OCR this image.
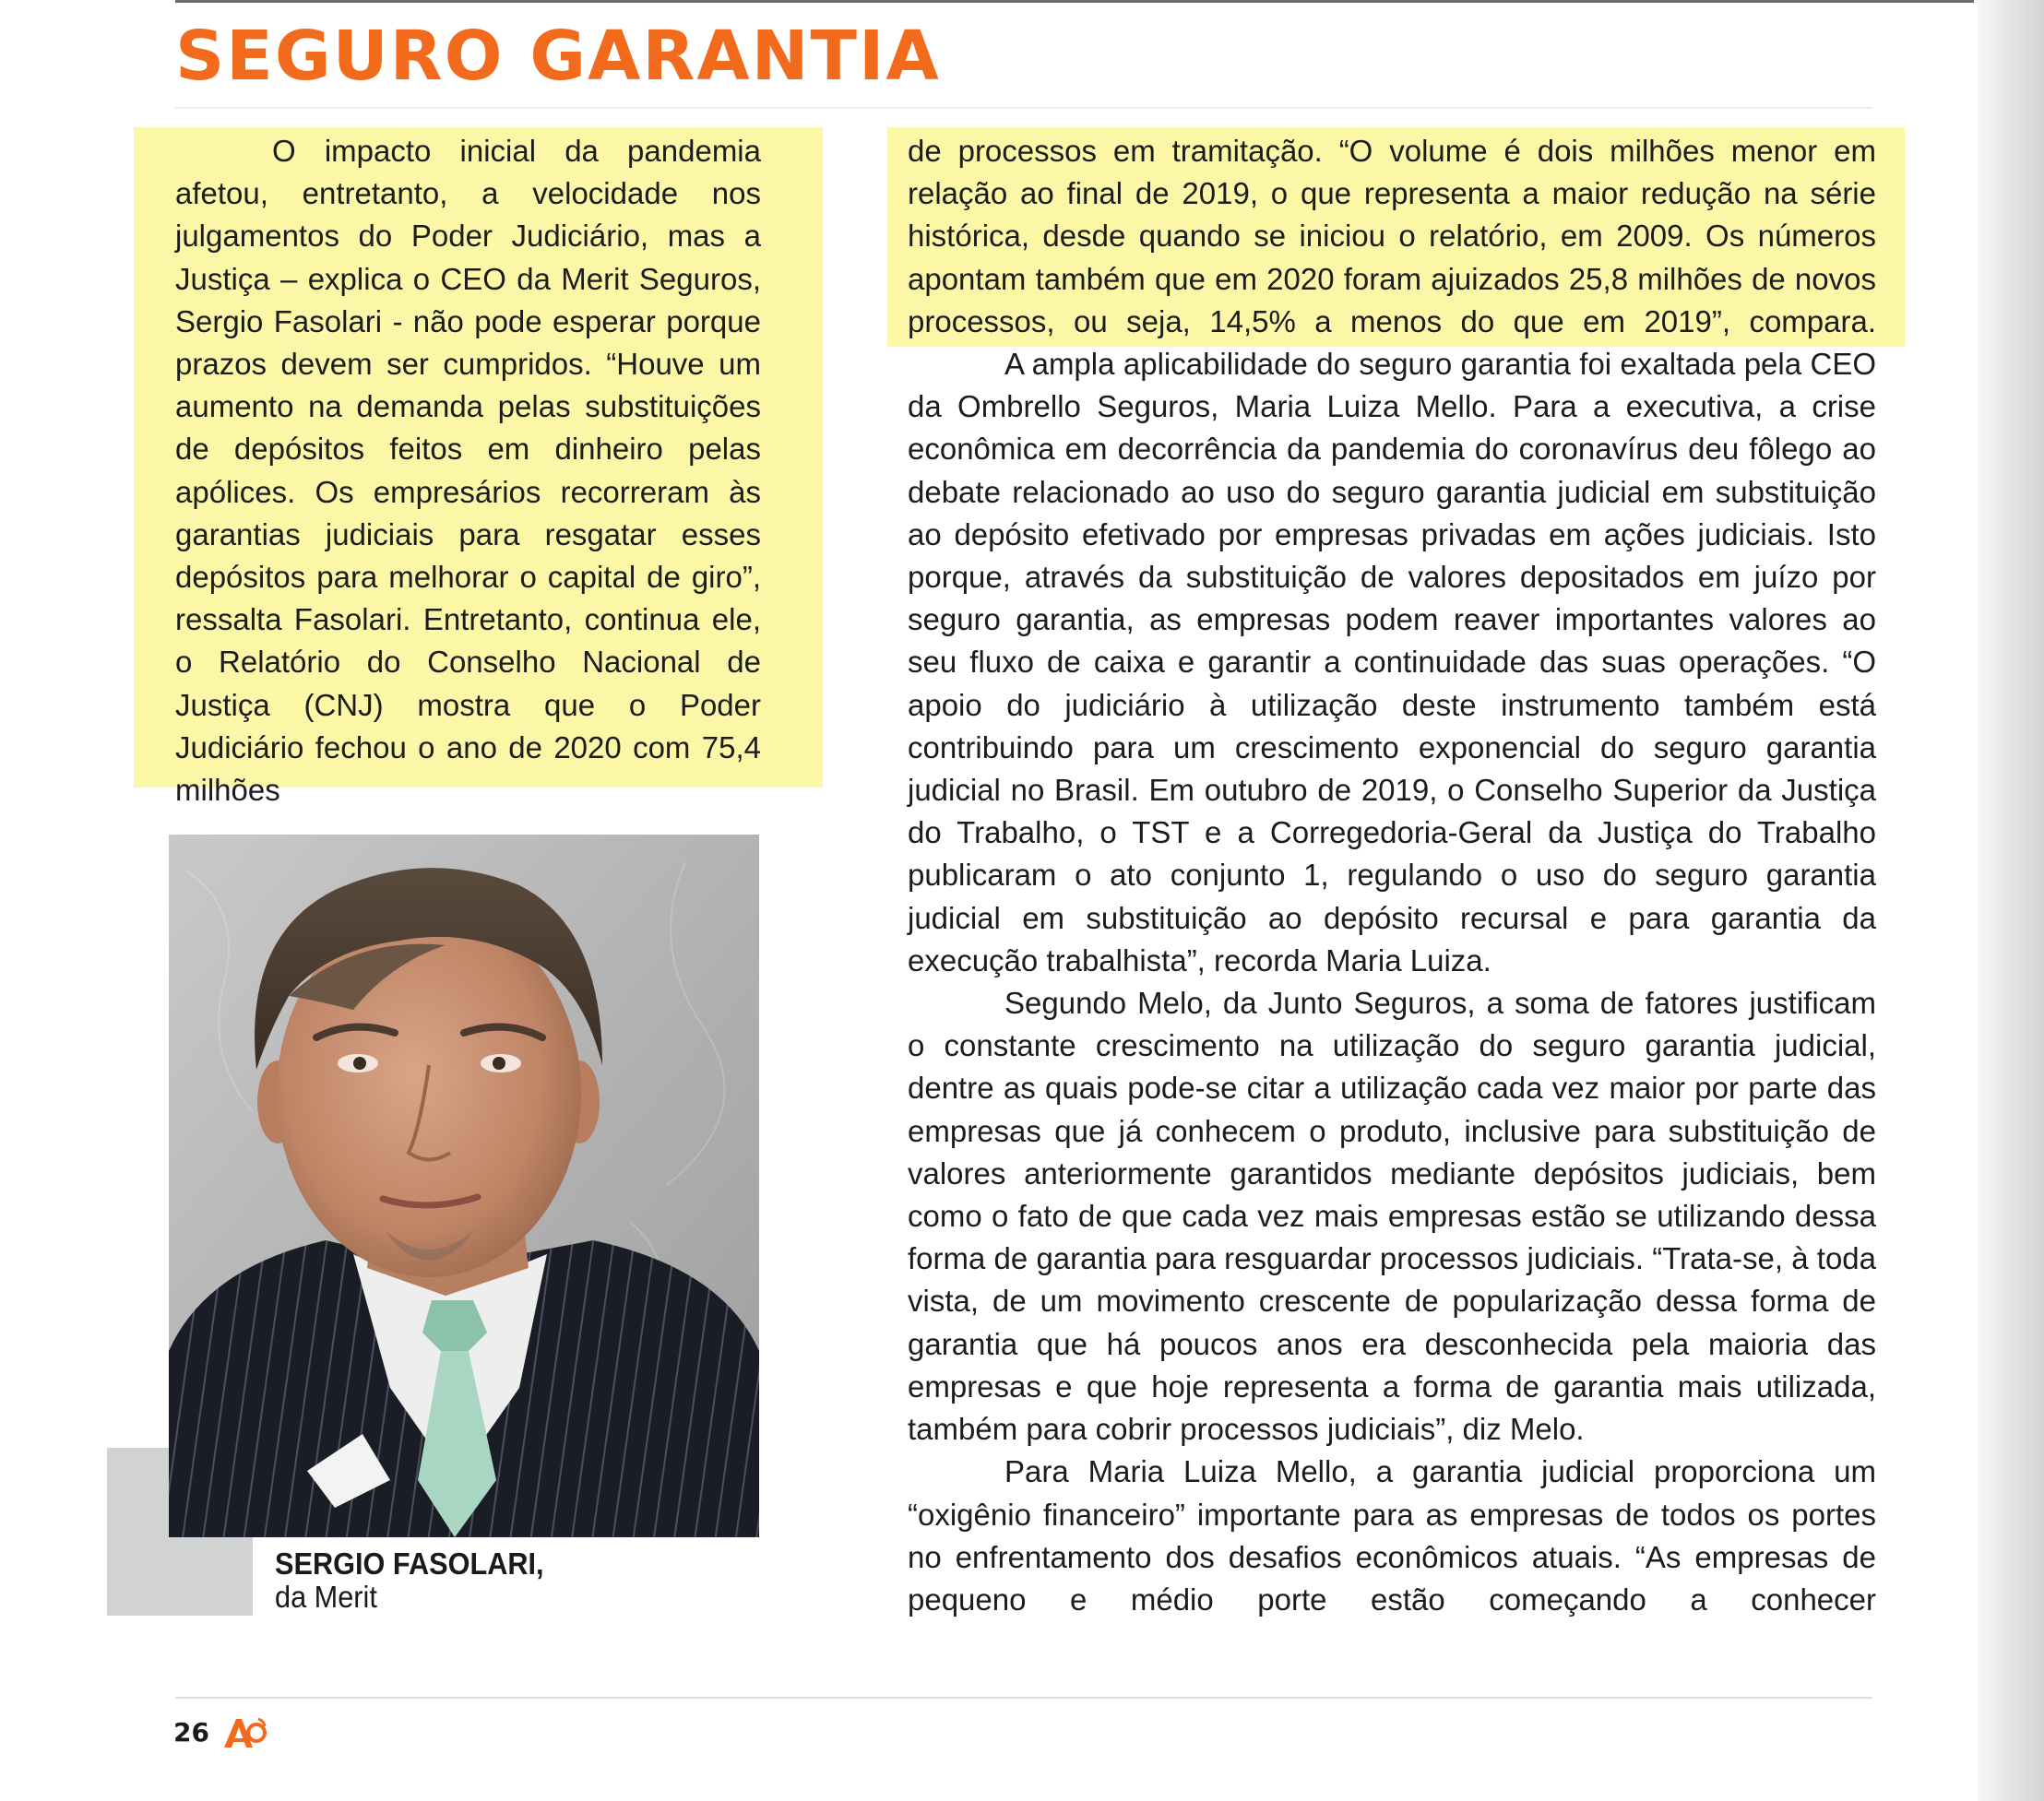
SEGURO GARANTIA

O impacto inicial da pandemia afetou, entretanto, a velocidade nos julgamentos do Poder Judiciário, mas a Justiça – explica o CEO da Merit Seguros, Sergio Fasolari - não pode esperar porque prazos devem ser cumpridos. “Houve um aumento na demanda pelas substituições de depósitos feitos em dinheiro pelas apólices. Os empresários recorreram às garantias judiciais para resgatar esses depósitos para melhorar o capital de giro”, ressalta Fasolari. Entretanto, continua ele, o Relatório do Conselho Nacional de Justiça (CNJ) mostra que o Poder Judiciário fechou o ano de 2020 com 75,4 milhões

de processos em tramitação. “O volume é dois milhões menor em relação ao final de 2019, o que representa a maior redução na série histórica, desde quando se iniciou o relatório, em 2009. Os números apontam também que em 2020 foram ajuizados 25,8 milhões de novos processos, ou seja, 14,5% a menos do que em 2019”, compara.

A ampla aplicabilidade do seguro garantia foi exaltada pela CEO da Ombrello Seguros, Maria Luiza Mello. Para a executiva, a crise econômica em decorrência da pandemia do coronavírus deu fôlego ao debate relacionado ao uso do seguro garantia judicial em substituição ao depósito efetivado por empresas privadas em ações judiciais. Isto porque, através da substituição de valores depositados em juízo por seguro garantia, as empresas podem reaver importantes valores ao seu fluxo de caixa e garantir a continuidade das suas operações. “O apoio do judiciário à utilização deste instrumento também está contribuindo para um crescimento exponencial do seguro garantia judicial no Brasil. Em outubro de 2019, o Conselho Superior da Justiça do Trabalho, o TST e a Corregedoria-Geral da Justiça do Trabalho publicaram o ato conjunto 1, regulando o uso do seguro garantia judicial em substituição ao depósito recursal e para garantia da execução trabalhista”, recorda Maria Luiza.

Segundo Melo, da Junto Seguros, a soma de fatores justificam o constante crescimento na utilização do seguro garantia judicial, dentre as quais pode-se citar a utilização cada vez maior por parte das empresas que já conhecem o produto, inclusive para substituição de valores anteriormente garantidos mediante depósitos judiciais, bem como o fato de que cada vez mais empresas estão se utilizando dessa forma de garantia para resguardar processos judiciais. “Trata-se, à toda vista, de um movimento crescente de popularização dessa forma de garantia que há poucos anos era desconhecida pela maioria das empresas e que hoje representa a forma de garantia mais utilizada, também para cobrir processos judiciais”, diz Melo.

Para Maria Luiza Mello, a garantia judicial proporciona um “oxigênio financeiro” importante para as empresas de todos os portes no enfrentamento dos desafios econômicos atuais. “As empresas de pequeno e médio porte estão começando a conhecer

SERGIO FASOLARI,
da Merit
26
